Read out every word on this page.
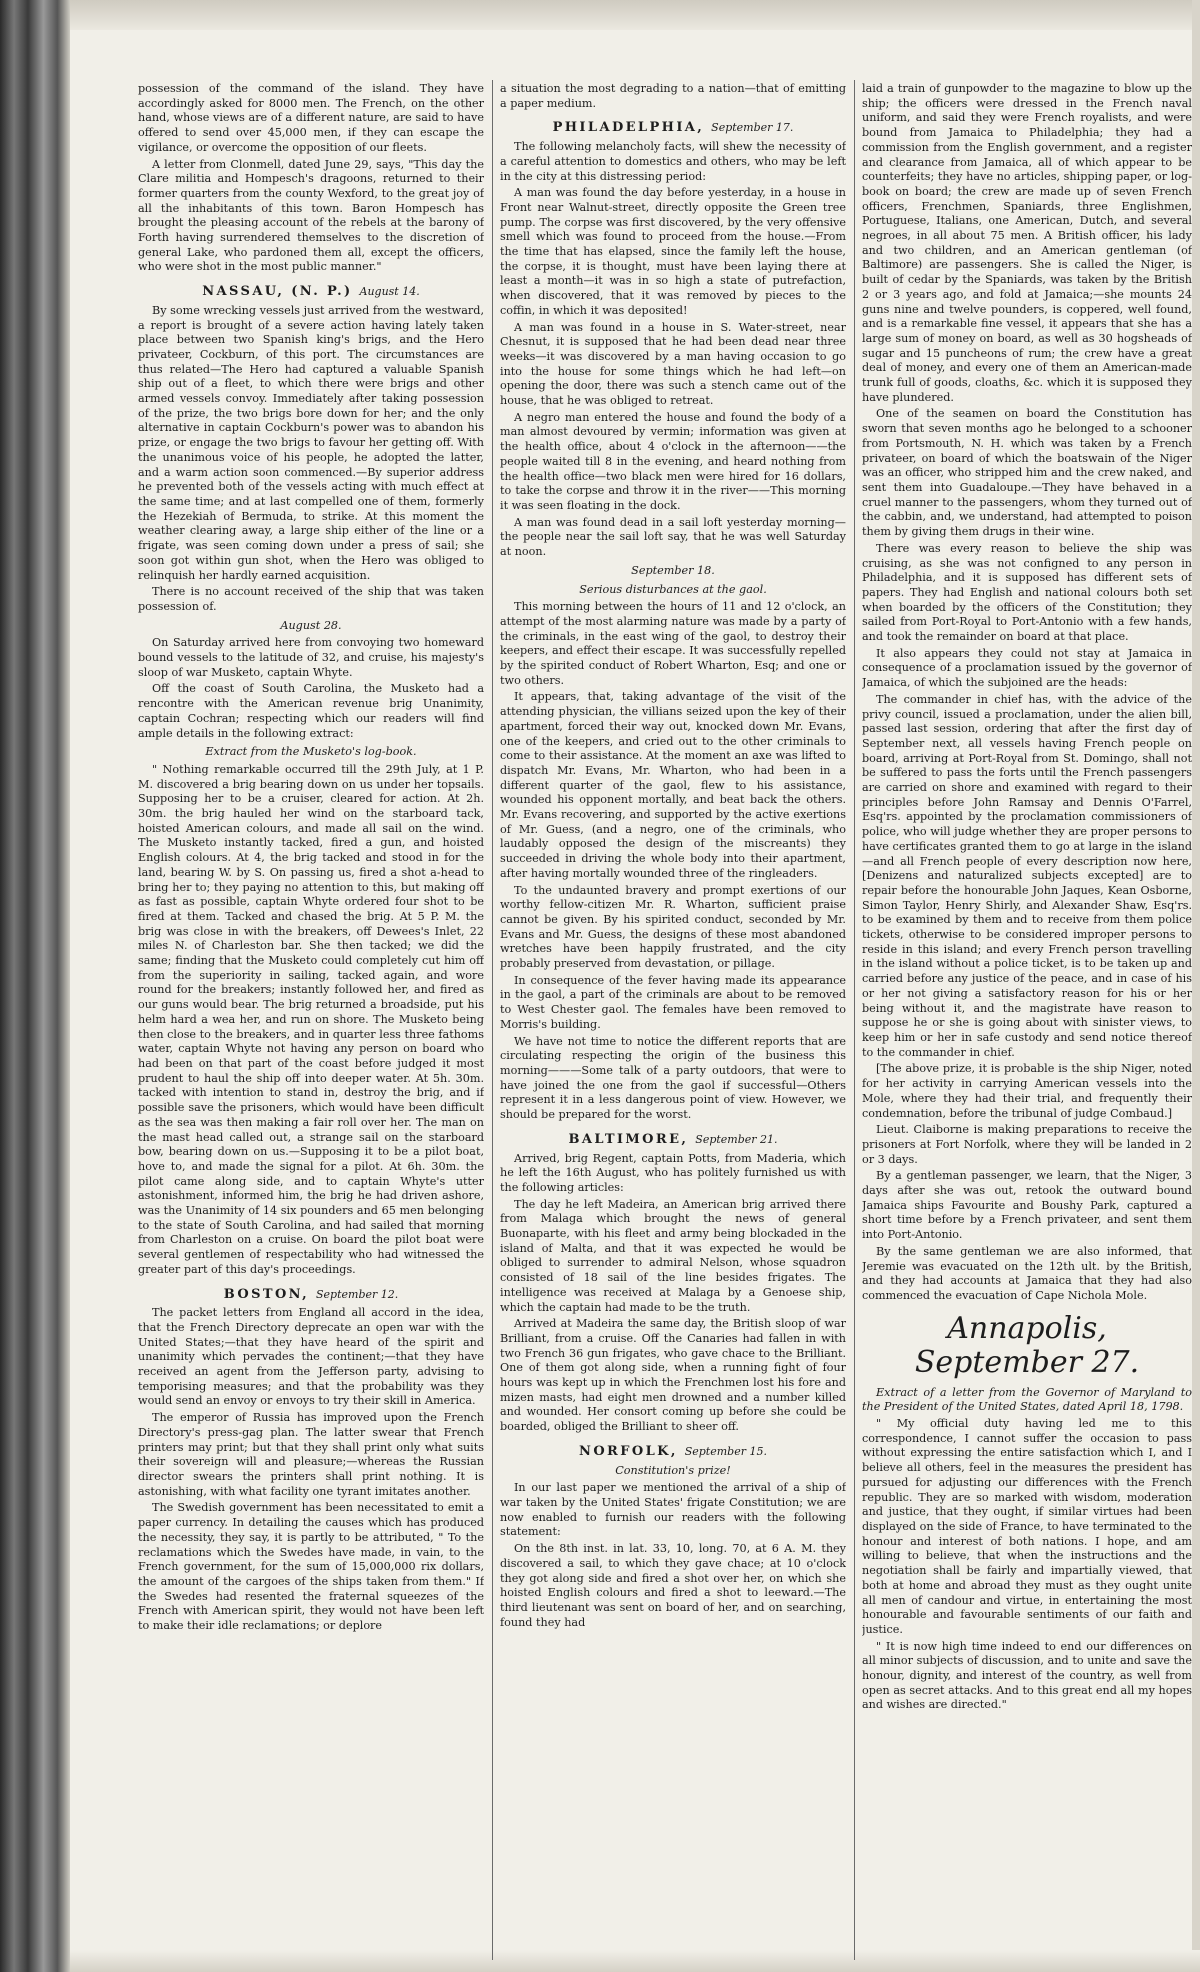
possession of the command of the island. They have accordingly asked for 8000 men. The French, on the other hand, whose views are of a different nature, are said to have offered to send over 45,000 men, if they can escape the vigilance, or overcome the opposition of our fleets.

A letter from Clonmell, dated June 29, says, "This day the Clare militia and Hompesch's dragoons, returned to their former quarters from the county Wexford, to the great joy of all the inhabitants of this town. Baron Hompesch has brought the pleasing account of the rebels at the barony of Forth having surrendered themselves to the discretion of general Lake, who pardoned them all, except the officers, who were shot in the most public manner."

NASSAU, (N. P.) August 14.

By some wrecking vessels just arrived from the westward, a report is brought of a severe action having lately taken place between two Spanish king's brigs, and the Hero privateer, Cockburn, of this port. The circumstances are thus related—The Hero had captured a valuable Spanish ship out of a fleet, to which there were brigs and other armed vessels convoy. Immediately after taking possession of the prize, the two brigs bore down for her; and the only alternative in captain Cockburn's power was to abandon his prize, or engage the two brigs to favour her getting off. With the unanimous voice of his people, he adopted the latter, and a warm action soon commenced.—By superior address he prevented both of the vessels acting with much effect at the same time; and at last compelled one of them, formerly the Hezekiah of Bermuda, to strike. At this moment the weather clearing away, a large ship either of the line or a frigate, was seen coming down under a press of sail; she soon got within gun shot, when the Hero was obliged to relinquish her hardly earned acquisition.

There is no account received of the ship that was taken possession of.

August 28.

On Saturday arrived here from convoying two homeward bound vessels to the latitude of 32, and cruise, his majesty's sloop of war Musketo, captain Whyte.

Off the coast of South Carolina, the Musketo had a rencontre with the American revenue brig Unanimity, captain Cochran; respecting which our readers will find ample details in the following extract:

Extract from the Musketo's log-book.

" Nothing remarkable occurred till the 29th July, at 1 P. M. discovered a brig bearing down on us under her topsails. Supposing her to be a cruiser, cleared for action. At 2h. 30m. the brig hauled her wind on the starboard tack, hoisted American colours, and made all sail on the wind. The Musketo instantly tacked, fired a gun, and hoisted English colours. At 4, the brig tacked and stood in for the land, bearing W. by S. On passing us, fired a shot a-head to bring her to; they paying no attention to this, but making off as fast as possible, captain Whyte ordered four shot to be fired at them. Tacked and chased the brig. At 5 P. M. the brig was close in with the breakers, off Dewees's Inlet, 22 miles N. of Charleston bar. She then tacked; we did the same; finding that the Musketo could completely cut him off from the superiority in sailing, tacked again, and wore round for the breakers; instantly followed her, and fired as our guns would bear. The brig returned a broadside, put his helm hard a wea her, and run on shore. The Musketo being then close to the breakers, and in quarter less three fathoms water, captain Whyte not having any person on board who had been on that part of the coast before judged it most prudent to haul the ship off into deeper water. At 5h. 30m. tacked with intention to stand in, destroy the brig, and if possible save the prisoners, which would have been difficult as the sea was then making a fair roll over her. The man on the mast head called out, a strange sail on the starboard bow, bearing down on us.—Supposing it to be a pilot boat, hove to, and made the signal for a pilot. At 6h. 30m. the pilot came along side, and to captain Whyte's utter astonishment, informed him, the brig he had driven ashore, was the Unanimity of 14 six pounders and 65 men belonging to the state of South Carolina, and had sailed that morning from Charleston on a cruise. On board the pilot boat were several gentlemen of respectability who had witnessed the greater part of this day's proceedings.

BOSTON, September 12.

The packet letters from England all accord in the idea, that the French Directory deprecate an open war with the United States;—that they have heard of the spirit and unanimity which pervades the continent;—that they have received an agent from the Jefferson party, advising to temporising measures; and that the probability was they would send an envoy or envoys to try their skill in America.

The emperor of Russia has improved upon the French Directory's press-gag plan. The latter swear that French printers may print; but that they shall print only what suits their sovereign will and pleasure;—whereas the Russian director swears the printers shall print nothing. It is astonishing, with what facility one tyrant imitates another.

The Swedish government has been necessitated to emit a paper currency. In detailing the causes which has produced the necessity, they say, it is partly to be attributed, " To the reclamations which the Swedes have made, in vain, to the French government, for the sum of 15,000,000 rix dollars, the amount of the cargoes of the ships taken from them." If the Swedes had resented the fraternal squeezes of the French with American spirit, they would not have been left to make their idle reclamations; or deplore

a situation the most degrading to a nation—that of emitting a paper medium.

PHILADELPHIA, September 17.

The following melancholy facts, will shew the necessity of a careful attention to domestics and others, who may be left in the city at this distressing period:

A man was found the day before yesterday, in a house in Front near Walnut-street, directly opposite the Green tree pump. The corpse was first discovered, by the very offensive smell which was found to proceed from the house.—From the time that has elapsed, since the family left the house, the corpse, it is thought, must have been laying there at least a month—it was in so high a state of putrefaction, when discovered, that it was removed by pieces to the coffin, in which it was deposited!

A man was found in a house in S. Water-street, near Chesnut, it is supposed that he had been dead near three weeks—it was discovered by a man having occasion to go into the house for some things which he had left—on opening the door, there was such a stench came out of the house, that he was obliged to retreat.

A negro man entered the house and found the body of a man almost devoured by vermin; information was given at the health office, about 4 o'clock in the afternoon——the people waited till 8 in the evening, and heard nothing from the health office—two black men were hired for 16 dollars, to take the corpse and throw it in the river——This morning it was seen floating in the dock.

A man was found dead in a sail loft yesterday morning—the people near the sail loft say, that he was well Saturday at noon.

September 18.
Serious disturbances at the gaol.

This morning between the hours of 11 and 12 o'clock, an attempt of the most alarming nature was made by a party of the criminals, in the east wing of the gaol, to destroy their keepers, and effect their escape. It was successfully repelled by the spirited conduct of Robert Wharton, Esq; and one or two others.

It appears, that, taking advantage of the visit of the attending physician, the villians seized upon the key of their apartment, forced their way out, knocked down Mr. Evans, one of the keepers, and cried out to the other criminals to come to their assistance. At the moment an axe was lifted to dispatch Mr. Evans, Mr. Wharton, who had been in a different quarter of the gaol, flew to his assistance, wounded his opponent mortally, and beat back the others. Mr. Evans recovering, and supported by the active exertions of Mr. Guess, (and a negro, one of the criminals, who laudably opposed the design of the miscreants) they succeeded in driving the whole body into their apartment, after having mortally wounded three of the ringleaders.

To the undaunted bravery and prompt exertions of our worthy fellow-citizen Mr. R. Wharton, sufficient praise cannot be given. By his spirited conduct, seconded by Mr. Evans and Mr. Guess, the designs of these most abandoned wretches have been happily frustrated, and the city probably preserved from devastation, or pillage.

In consequence of the fever having made its appearance in the gaol, a part of the criminals are about to be removed to West Chester gaol. The females have been removed to Morris's building.

We have not time to notice the different reports that are circulating respecting the origin of the business this morning———Some talk of a party outdoors, that were to have joined the one from the gaol if successful—Others represent it in a less dangerous point of view. However, we should be prepared for the worst.

BALTIMORE, September 21.

Arrived, brig Regent, captain Potts, from Maderia, which he left the 16th August, who has politely furnished us with the following articles:

The day he left Madeira, an American brig arrived there from Malaga which brought the news of general Buonaparte, with his fleet and army being blockaded in the island of Malta, and that it was expected he would be obliged to surrender to admiral Nelson, whose squadron consisted of 18 sail of the line besides frigates. The intelligence was received at Malaga by a Genoese ship, which the captain had made to be the truth.

Arrived at Madeira the same day, the British sloop of war Brilliant, from a cruise. Off the Canaries had fallen in with two French 36 gun frigates, who gave chace to the Brilliant. One of them got along side, when a running fight of four hours was kept up in which the Frenchmen lost his fore and mizen masts, had eight men drowned and a number killed and wounded. Her consort coming up before she could be boarded, obliged the Brilliant to sheer off.

NORFOLK, September 15.
Constitution's prize!

In our last paper we mentioned the arrival of a ship of war taken by the United States' frigate Constitution; we are now enabled to furnish our readers with the following statement:

On the 8th inst. in lat. 33, 10, long. 70, at 6 A. M. they discovered a sail, to which they gave chace; at 10 o'clock they got along side and fired a shot over her, on which she hoisted English colours and fired a shot to leeward.—The third lieutenant was sent on board of her, and on searching, found they had

laid a train of gunpowder to the magazine to blow up the ship; the officers were dressed in the French naval uniform, and said they were French royalists, and were bound from Jamaica to Philadelphia; they had a commission from the English government, and a register and clearance from Jamaica, all of which appear to be counterfeits; they have no articles, shipping paper, or log-book on board; the crew are made up of seven French officers, Frenchmen, Spaniards, three Englishmen, Portuguese, Italians, one American, Dutch, and several negroes, in all about 75 men. A British officer, his lady and two children, and an American gentleman (of Baltimore) are passengers. She is called the Niger, is built of cedar by the Spaniards, was taken by the British 2 or 3 years ago, and fold at Jamaica;—she mounts 24 guns nine and twelve pounders, is coppered, well found, and is a remarkable fine vessel, it appears that she has a large sum of money on board, as well as 30 hogsheads of sugar and 15 puncheons of rum; the crew have a great deal of money, and every one of them an American-made trunk full of goods, cloaths, &c. which it is supposed they have plundered.

One of the seamen on board the Constitution has sworn that seven months ago he belonged to a schooner from Portsmouth, N. H. which was taken by a French privateer, on board of which the boatswain of the Niger was an officer, who stripped him and the crew naked, and sent them into Guadaloupe.—They have behaved in a cruel manner to the passengers, whom they turned out of the cabbin, and, we understand, had attempted to poison them by giving them drugs in their wine.

There was every reason to believe the ship was cruising, as she was not configned to any person in Philadelphia, and it is supposed has different sets of papers. They had English and national colours both set when boarded by the officers of the Constitution; they sailed from Port-Royal to Port-Antonio with a few hands, and took the remainder on board at that place.

It also appears they could not stay at Jamaica in consequence of a proclamation issued by the governor of Jamaica, of which the subjoined are the heads:

The commander in chief has, with the advice of the privy council, issued a proclamation, under the alien bill, passed last session, ordering that after the first day of September next, all vessels having French people on board, arriving at Port-Royal from St. Domingo, shall not be suffered to pass the forts until the French passengers are carried on shore and examined with regard to their principles before John Ramsay and Dennis O'Farrel, Esq'rs. appointed by the proclamation commissioners of police, who will judge whether they are proper persons to have certificates granted them to go at large in the island—and all French people of every description now here, [Denizens and naturalized subjects excepted] are to repair before the honourable John Jaques, Kean Osborne, Simon Taylor, Henry Shirly, and Alexander Shaw, Esq'rs. to be examined by them and to receive from them police tickets, otherwise to be considered improper persons to reside in this island; and every French person travelling in the island without a police ticket, is to be taken up and carried before any justice of the peace, and in case of his or her not giving a satisfactory reason for his or her being without it, and the magistrate have reason to suppose he or she is going about with sinister views, to keep him or her in safe custody and send notice thereof to the commander in chief.

[The above prize, it is probable is the ship Niger, noted for her activity in carrying American vessels into the Mole, where they had their trial, and frequently their condemnation, before the tribunal of judge Combaud.]

Lieut. Claiborne is making preparations to receive the prisoners at Fort Norfolk, where they will be landed in 2 or 3 days.

By a gentleman passenger, we learn, that the Niger, 3 days after she was out, retook the outward bound Jamaica ships Favourite and Boushy Park, captured a short time before by a French privateer, and sent them into Port-Antonio.

By the same gentleman we are also informed, that Jeremie was evacuated on the 12th ult. by the British, and they had accounts at Jamaica that they had also commenced the evacuation of Cape Nichola Mole.

Annapolis, September 27.

Extract of a letter from the Governor of Maryland to the President of the United States, dated April 18, 1798.

" My official duty having led me to this correspondence, I cannot suffer the occasion to pass without expressing the entire satisfaction which I, and I believe all others, feel in the measures the president has pursued for adjusting our differences with the French republic. They are so marked with wisdom, moderation and justice, that they ought, if similar virtues had been displayed on the side of France, to have terminated to the honour and interest of both nations. I hope, and am willing to believe, that when the instructions and the negotiation shall be fairly and impartially viewed, that both at home and abroad they must as they ought unite all men of candour and virtue, in entertaining the most honourable and favourable sentiments of our faith and justice.

" It is now high time indeed to end our differences on all minor subjects of discussion, and to unite and save the honour, dignity, and interest of the country, as well from open as secret attacks. And to this great end all my hopes and wishes are directed."
